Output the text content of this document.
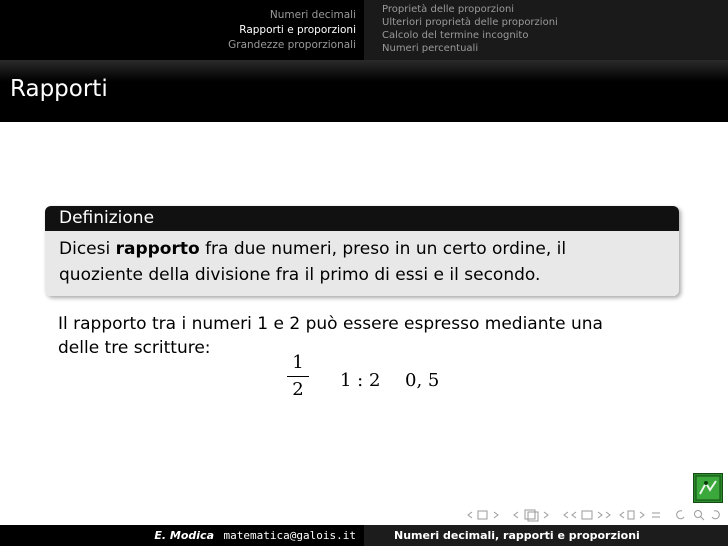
Numeri decimali
Rapporti e proporzioni
Grandezze proporzionali
Proprietà delle proporzioni
Ulteriori proprietà delle proporzioni
Calcolo del termine incognito
Numeri percentuali
Rapporti
Definizione
Dicesi rapporto fra due numeri, preso in un certo ordine, il
quoziente della divisione fra il primo di essi e il secondo.
Il rapporto tra i numeri 1 e 2 può essere espresso mediante una
delle tre scritture:
1
2 1 : 2 0, 5
E. Modica matematica@galois.it	Numeri decimali, rapporti e proporzioni
